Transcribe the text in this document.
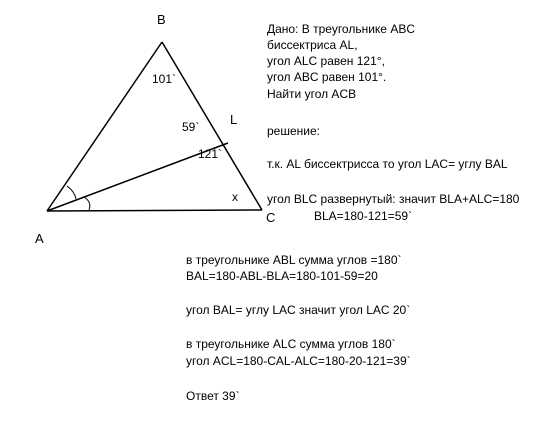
B
L
A
C
101`
59`
121`
x
Дано: В треугольнике ABC
биссектриса AL,
угол ALC равен 121°,
угол ABC равен 101°.
Найти угол ACB
решение:
т.к. AL биссектрисса то угол LAC= углу BAL
угол BLC развернутый: значит BLA+ALC=180
BLA=180-121=59`
в треугольнике ABL сумма углов =180`
BAL=180-ABL-BLA=180-101-59=20
угол BAL= углу LAC значит угол LAC 20`
в треугольнике ALC сумма углов 180`
угол ACL=180-CAL-ALC=180-20-121=39`
Ответ 39`
